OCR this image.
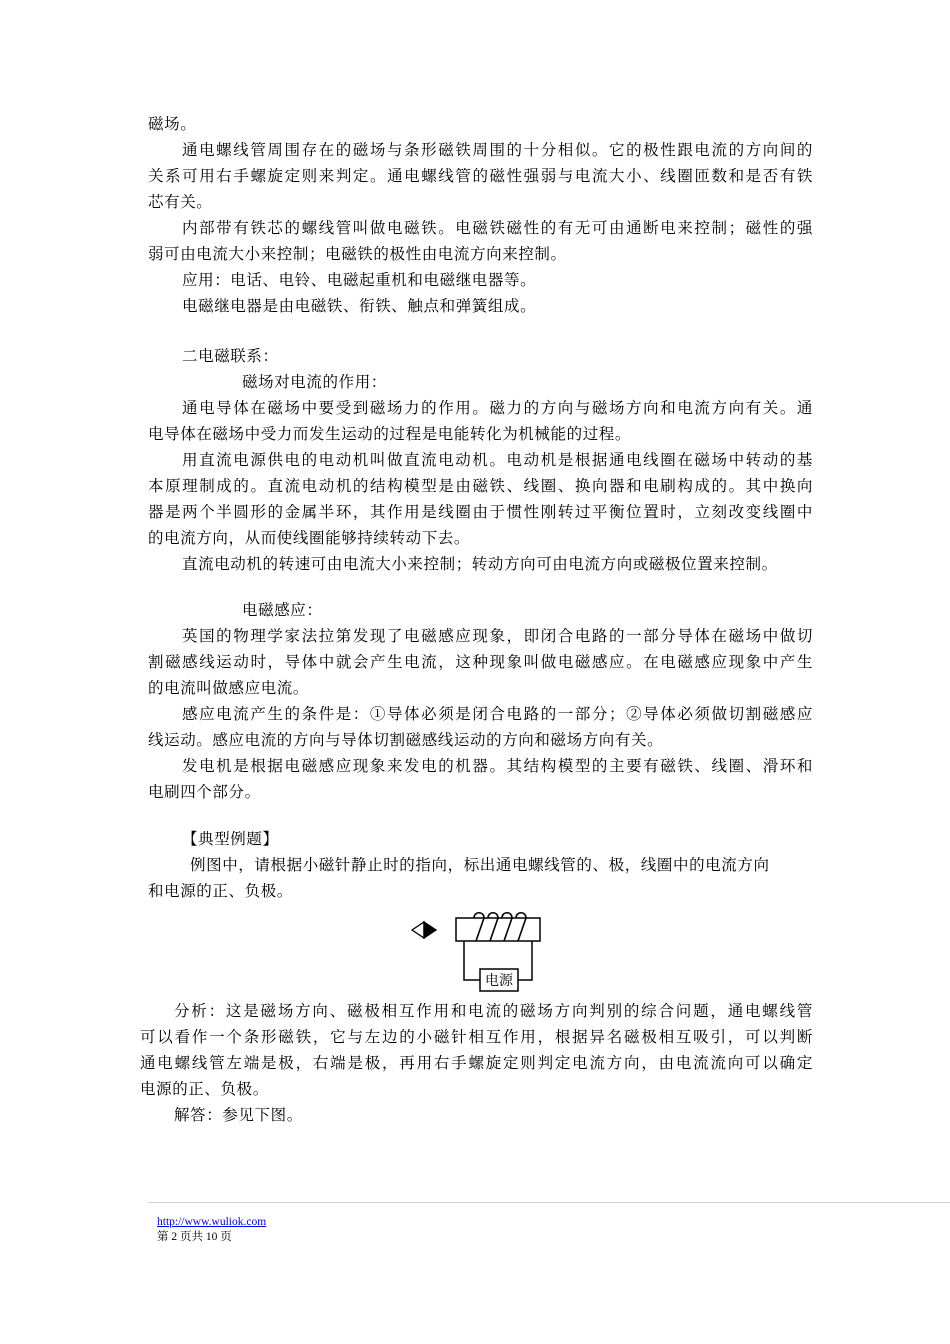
磁场。
通电螺线管周围存在的磁场与条形磁铁周围的十分相似。它的极性跟电流的方向间的
关系可用右手螺旋定则来判定。通电螺线管的磁性强弱与电流大小、线圈匝数和是否有铁
芯有关。
内部带有铁芯的螺线管叫做电磁铁。电磁铁磁性的有无可由通断电来控制；磁性的强
弱可由电流大小来控制；电磁铁的极性由电流方向来控制。
应用：电话、电铃、电磁起重机和电磁继电器等。
电磁继电器是由电磁铁、衔铁、触点和弹簧组成。
二电磁联系：
磁场对电流的作用：
通电导体在磁场中要受到磁场力的作用。磁力的方向与磁场方向和电流方向有关。通
电导体在磁场中受力而发生运动的过程是电能转化为机械能的过程。
用直流电源供电的电动机叫做直流电动机。电动机是根据通电线圈在磁场中转动的基
本原理制成的。直流电动机的结构模型是由磁铁、线圈、换向器和电刷构成的。其中换向
器是两个半圆形的金属半环，其作用是线圈由于惯性刚转过平衡位置时，立刻改变线圈中
的电流方向，从而使线圈能够持续转动下去。
直流电动机的转速可由电流大小来控制；转动方向可由电流方向或磁极位置来控制。
电磁感应：
英国的物理学家法拉第发现了电磁感应现象，即闭合电路的一部分导体在磁场中做切
割磁感线运动时，导体中就会产生电流，这种现象叫做电磁感应。在电磁感应现象中产生
的电流叫做感应电流。
感应电流产生的条件是：①导体必须是闭合电路的一部分；②导体必须做切割磁感应
线运动。感应电流的方向与导体切割磁感线运动的方向和磁场方向有关。
发电机是根据电磁感应现象来发电的机器。其结构模型的主要有磁铁、线圈、滑环和
电刷四个部分。
【典型例题】
例图中，请根据小磁针静止时的指向，标出通电螺线管的、极，线圈中的电流方向
和电源的正、负极。
电源
分析：这是磁场方向、磁极相互作用和电流的磁场方向判别的综合问题，通电螺线管
可以看作一个条形磁铁，它与左边的小磁针相互作用，根据异名磁极相互吸引，可以判断
通电螺线管左端是极，右端是极，再用右手螺旋定则判定电流方向，由电流流向可以确定
电源的正、负极。
解答：参见下图。
http://www.wuliok.com
第 2 页共 10 页
